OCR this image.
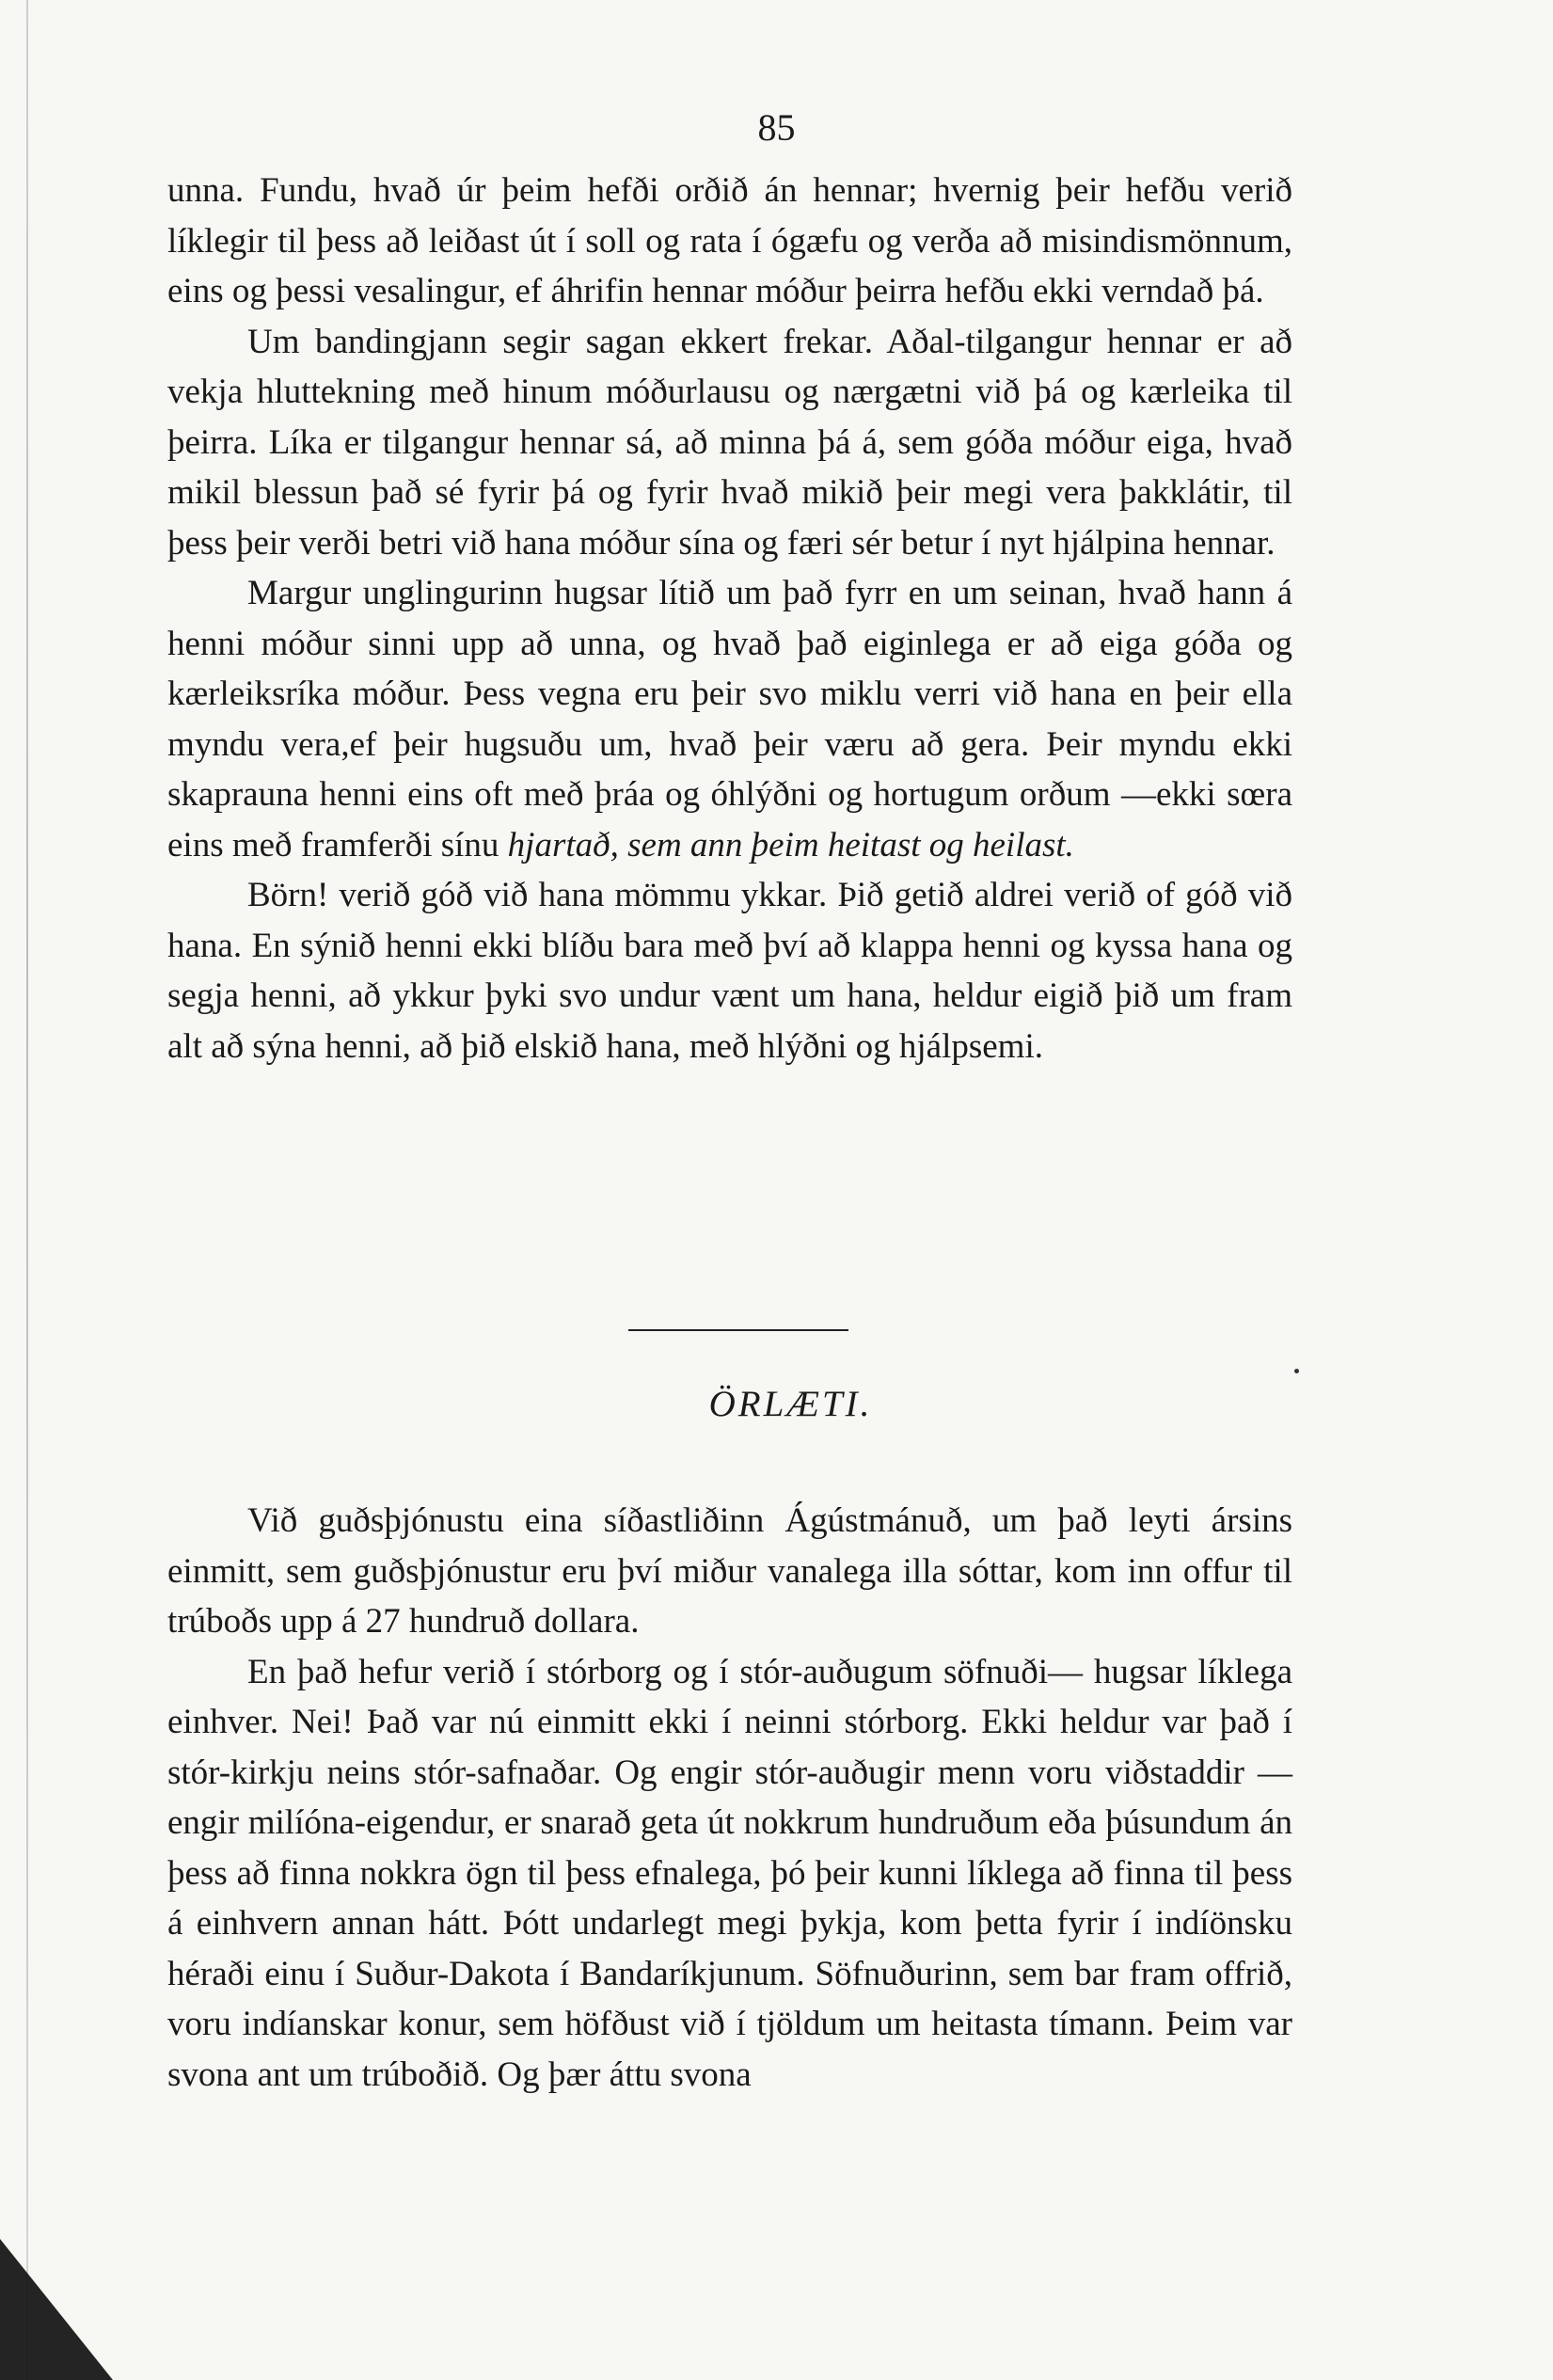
85

unna. Fundu, hvað úr þeim hefði orðið án hennar; hvernig þeir hefðu verið líklegir til þess að leiðast út í soll og rata í ógæfu og verða að misindismönnum, eins og þessi vesalingur, ef áhrifin hennar móður þeirra hefðu ekki verndað þá.

Um bandingjann segir sagan ekkert frekar. Aðal-tilgangur hennar er að vekja hluttekning með hinum móðurlausu og nærgætni við þá og kærleika til þeirra. Líka er tilgangur hennar sá, að minna þá á, sem góða móður eiga, hvað mikil blessun það sé fyrir þá og fyrir hvað mikið þeir megi vera þakklátir, til þess þeir verði betri við hana móður sína og færi sér betur í nyt hjálpina hennar.

Margur unglingurinn hugsar lítið um það fyrr en um seinan, hvað hann á henni móður sinni upp að unna, og hvað það eiginlega er að eiga góða og kærleiksríka móður. Þess vegna eru þeir svo miklu verri við hana en þeir ella myndu vera,ef þeir hugsuðu um, hvað þeir væru að gera. Þeir myndu ekki skaprauna henni eins oft með þráa og óhlýðni og hortugum orðum —ekki sœra eins með framferði sínu hjartað, sem ann þeim heitast og heilast.

Börn! verið góð við hana mömmu ykkar. Þið getið aldrei verið of góð við hana. En sýnið henni ekki blíðu bara með því að klappa henni og kyssa hana og segja henni, að ykkur þyki svo undur vænt um hana, heldur eigið þið um fram alt að sýna henni, að þið elskið hana, með hlýðni og hjálpsemi.

ÖRLÆTI.

Við guðsþjónustu eina síðastliðinn Ágústmánuð, um það leyti ársins einmitt, sem guðsþjónustur eru því miður vanalega illa sóttar, kom inn offur til trúboðs upp á 27 hundruð dollara.

En það hefur verið í stórborg og í stór-auðugum söfnuði— hugsar líklega einhver. Nei! Það var nú einmitt ekki í neinni stórborg. Ekki heldur var það í stór-kirkju neins stór-safnaðar. Og engir stór-auðugir menn voru viðstaddir — engir milíóna-eigendur, er snarað geta út nokkrum hundruðum eða þúsundum án þess að finna nokkra ögn til þess efnalega, þó þeir kunni líklega að finna til þess á einhvern annan hátt. Þótt undarlegt megi þykja, kom þetta fyrir í indíönsku héraði einu í Suður-Dakota í Bandaríkjunum. Söfnuðurinn, sem bar fram offrið, voru indíanskar konur, sem höfðust við í tjöldum um heitasta tímann. Þeim var svona ant um trúboðið. Og þær áttu svona
